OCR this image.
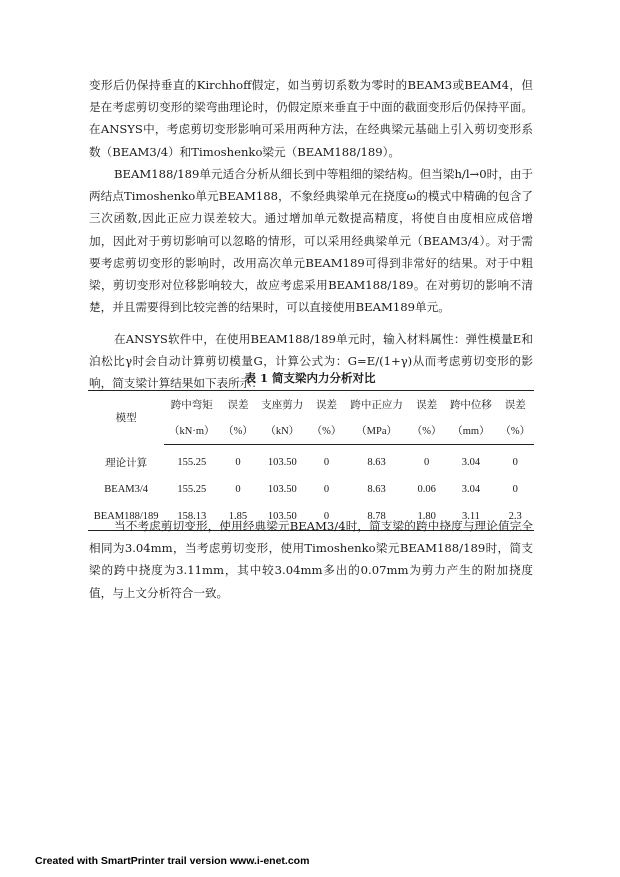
变形后仍保持垂直的Kirchhoff假定，如当剪切系数为零时的BEAM3或BEAM4，但是在考虑剪切变形的梁弯曲理论时，仍假定原来垂直于中面的截面变形后仍保持平面。在ANSYS中，考虑剪切变形影响可采用两种方法，在经典梁元基础上引入剪切变形系数（BEAM3/4）和Timoshenko梁元（BEAM188/189）。

BEAM188/189单元适合分析从细长到中等粗细的梁结构。但当梁h/l→0时，由于两结点Timoshenko单元BEAM188，不象经典梁单元在挠度ω的模式中精确的包含了三次函数,因此正应力误差较大。通过增加单元数提高精度，将使自由度相应成倍增加，因此对于剪切影响可以忽略的情形，可以采用经典梁单元（BEAM3/4）。对于需要考虑剪切变形的影响时，改用高次单元BEAM189可得到非常好的结果。对于中粗梁，剪切变形对位移影响较大，故应考虑采用BEAM188/189。在对剪切的影响不清楚，并且需要得到比较完善的结果时，可以直接使用BEAM189单元。

在ANSYS软件中，在使用BEAM188/189单元时，输入材料属性：弹性模量E和泊松比γ时会自动计算剪切模量G，计算公式为：G=E/(1+γ)从而考虑剪切变形的影响，简支梁计算结果如下表所示：

表 1 简支梁内力分析对比
模型	跨中弯矩	误差	支座剪力	误差	跨中正应力	误差	跨中位移	误差
	（kN·m）	（%）	（kN）	（%）	（MPa）	（%）	（mm）	（%）
理论计算	155.25	0	103.50	0	8.63	0	3.04	0
BEAM3/4	155.25	0	103.50	0	8.63	0.06	3.04	0
BEAM188/189	158.13	1.85	103.50	0	8.78	1.80	3.11	2.3

当不考虑剪切变形，使用经典梁元BEAM3/4时，简支梁的跨中挠度与理论值完全相同为3.04mm，当考虑剪切变形，使用Timoshenko梁元BEAM188/189时，简支梁的跨中挠度为3.11mm，其中较3.04mm多出的0.07mm为剪力产生的附加挠度值，与上文分析符合一致。

Created with SmartPrinter trail version www.i-enet.com
